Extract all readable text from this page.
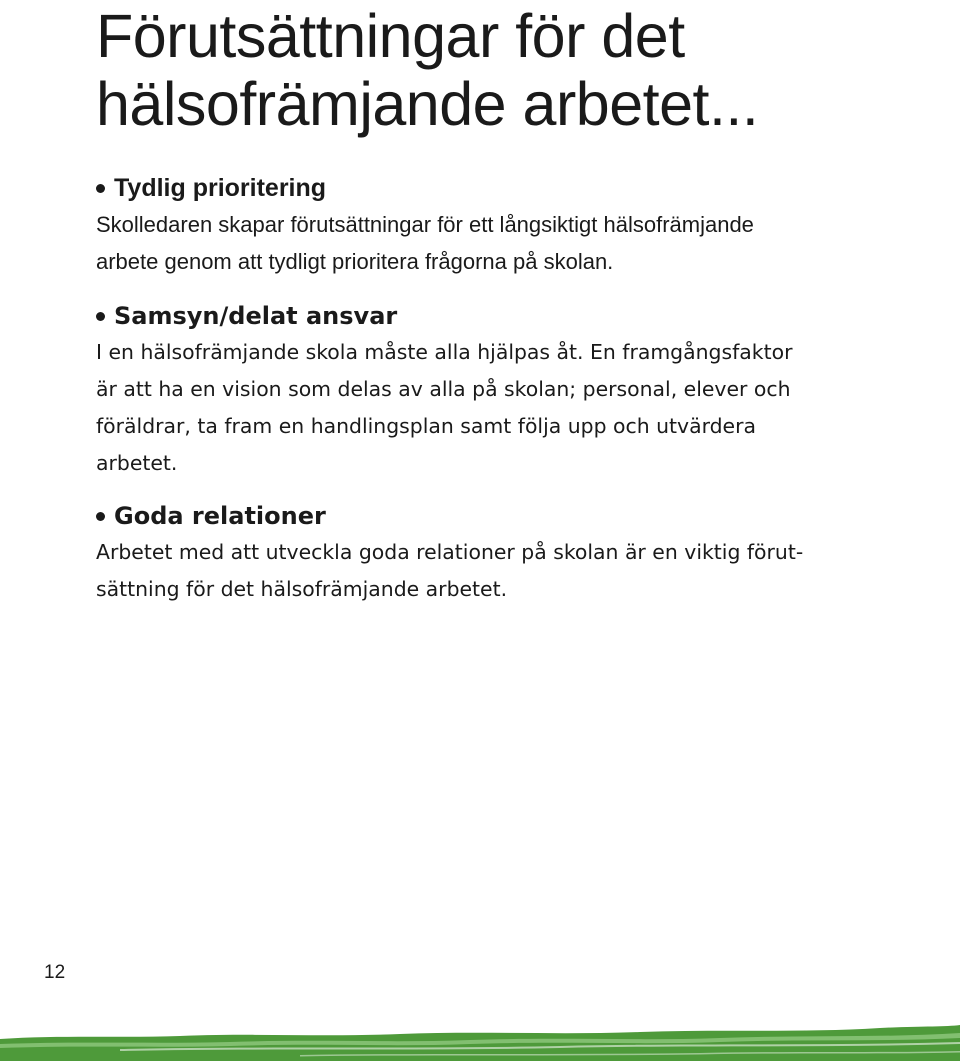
Förutsättningar för det hälsofrämjande arbetet...
Tydlig prioritering

Skolledaren skapar förutsättningar för ett långsiktigt hälsofrämjande
arbete genom att tydligt prioritera frågorna på skolan.

Samsyn/delat ansvar

I en hälsofrämjande skola måste alla hjälpas åt. En framgångsfaktor
är att ha en vision som delas av alla på skolan; personal, elever och
föräldrar, ta fram en handlingsplan samt följa upp och utvärdera
arbetet.

Goda relationer

Arbetet med att utveckla goda relationer på skolan är en viktig förut-
sättning för det hälsofrämjande arbetet.

12
